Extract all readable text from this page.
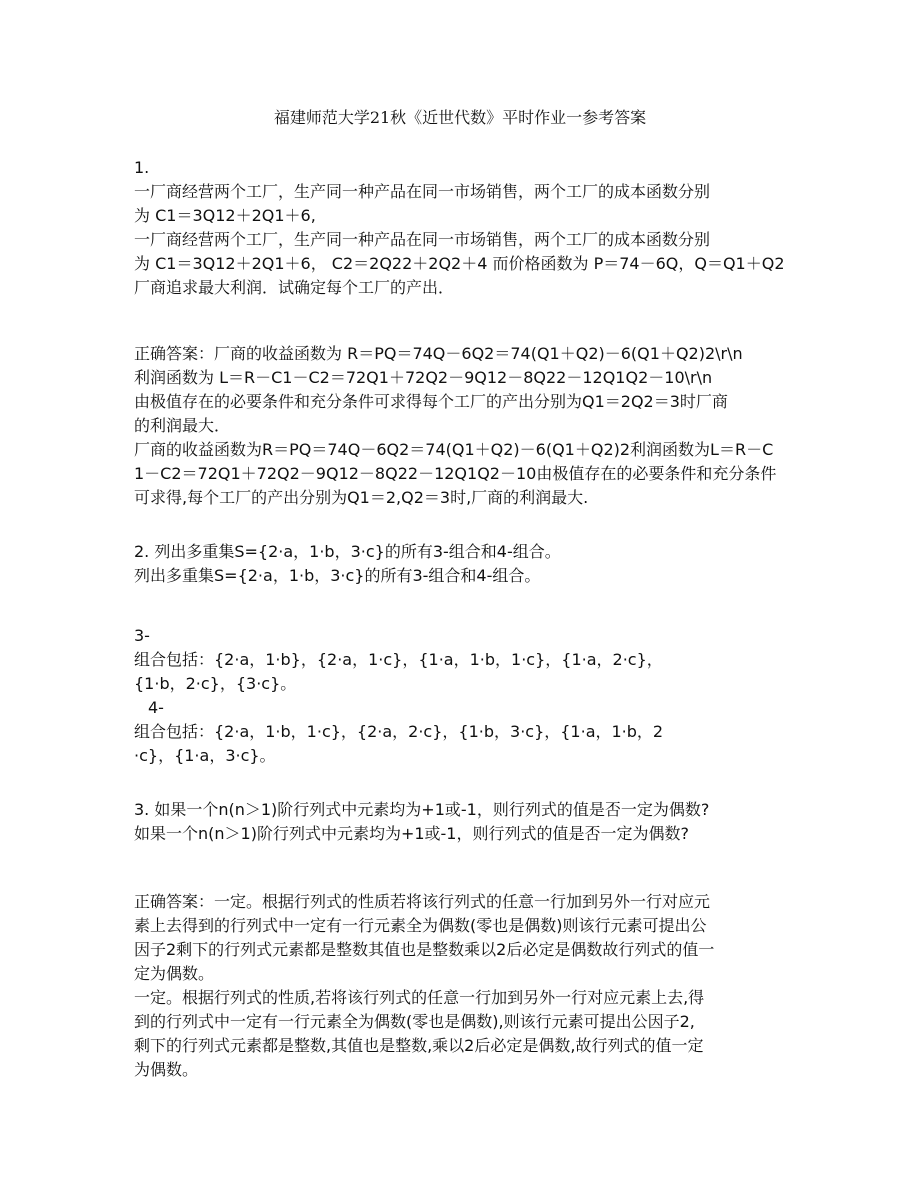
福建师范大学21秋《近世代数》平时作业一参考答案
1.
一厂商经营两个工厂，生产同一种产品在同一市场销售，两个工厂的成本函数分别
为 C1＝3Q12＋2Q1＋6,
一厂商经营两个工厂，生产同一种产品在同一市场销售，两个工厂的成本函数分别
为 C1＝3Q12＋2Q1＋6， C2＝2Q22＋2Q2＋4 而价格函数为 P＝74－6Q，Q＝Q1＋Q2
厂商追求最大利润．试确定每个工厂的产出．
正确答案：厂商的收益函数为 R＝PQ＝74Q－6Q2＝74(Q1＋Q2)－6(Q1＋Q2)2\r\n
利润函数为 L＝R－C1－C2＝72Q1＋72Q2－9Q12－8Q22－12Q1Q2－10\r\n
由极值存在的必要条件和充分条件可求得每个工厂的产出分别为Q1＝2Q2＝3时厂商
的利润最大．
厂商的收益函数为R＝PQ＝74Q－6Q2＝74(Q1＋Q2)－6(Q1＋Q2)2利润函数为L＝R－C
1－C2＝72Q1＋72Q2－9Q12－8Q22－12Q1Q2－10由极值存在的必要条件和充分条件
可求得,每个工厂的产出分别为Q1＝2,Q2＝3时,厂商的利润最大.
2. 列出多重集S={2·a，1·b，3·c}的所有3-组合和4-组合。
列出多重集S={2·a，1·b，3·c}的所有3-组合和4-组合。
3-
组合包括：{2·a，1·b}，{2·a，1·c}，{1·a，1·b，1·c}，{1·a，2·c}，
{1·b，2·c}，{3·c}。
4-
组合包括：{2·a，1·b，1·c}，{2·a，2·c}，{1·b，3·c}，{1·a，1·b，2
·c}，{1·a，3·c}。
3. 如果一个n(n＞1)阶行列式中元素均为+1或-1，则行列式的值是否一定为偶数?
如果一个n(n＞1)阶行列式中元素均为+1或-1，则行列式的值是否一定为偶数?
正确答案：一定。根据行列式的性质若将该行列式的任意一行加到另外一行对应元
素上去得到的行列式中一定有一行元素全为偶数(零也是偶数)则该行元素可提出公
因子2剩下的行列式元素都是整数其值也是整数乘以2后必定是偶数故行列式的值一
定为偶数。
一定。根据行列式的性质,若将该行列式的任意一行加到另外一行对应元素上去,得
到的行列式中一定有一行元素全为偶数(零也是偶数),则该行元素可提出公因子2,
剩下的行列式元素都是整数,其值也是整数,乘以2后必定是偶数,故行列式的值一定
为偶数。
